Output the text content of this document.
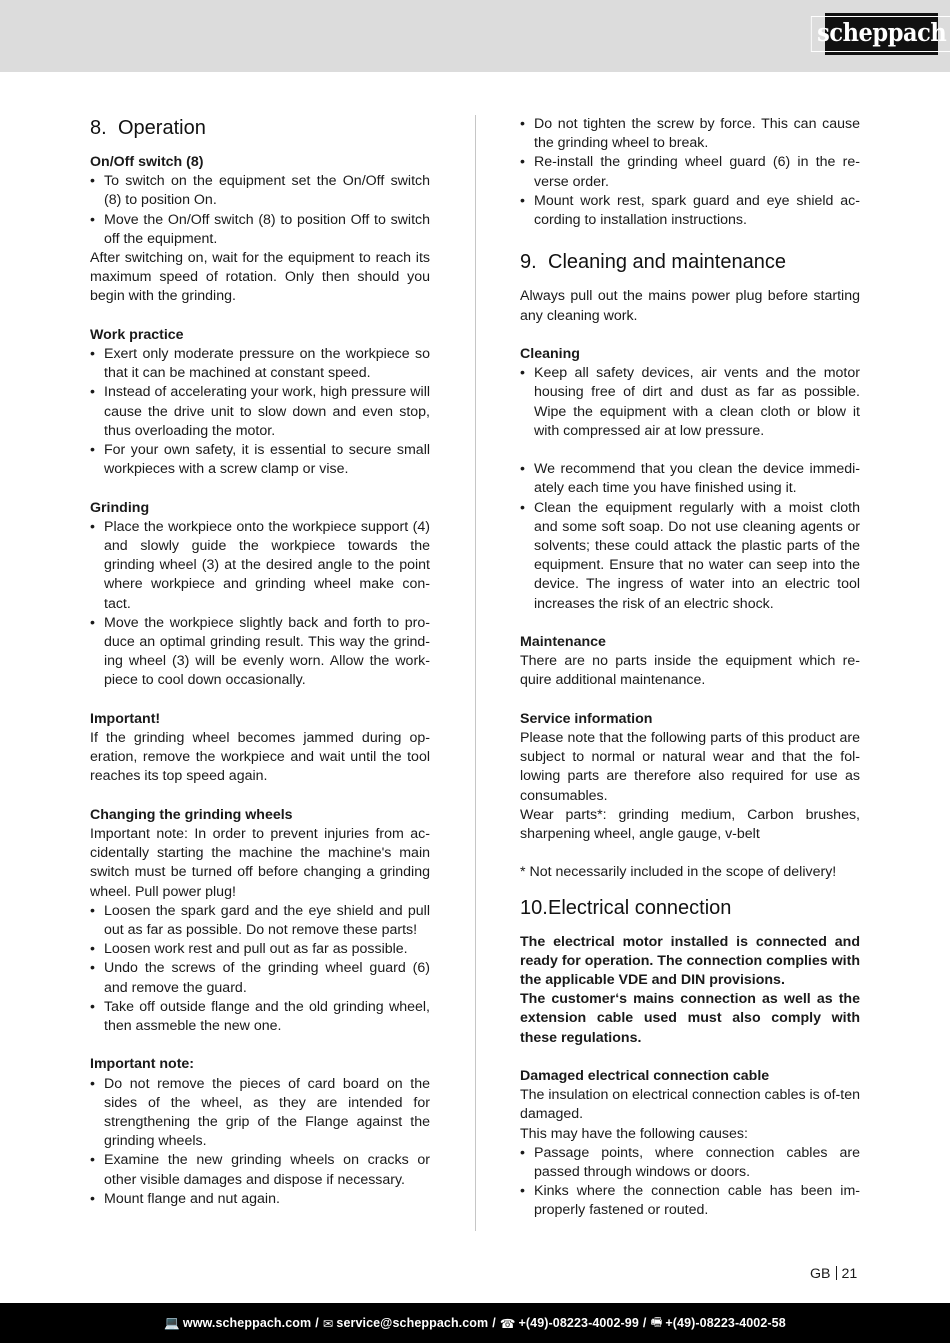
scheppach
8. Operation
On/Off switch (8)
• To switch on the equipment set the On/Off switch (8) to position On.
• Move the On/Off switch (8) to position Off to switch off the equipment.

After switching on, wait for the equipment to reach its maximum speed of rotation. Only then should you begin with the grinding.

Work practice
• Exert only moderate pressure on the workpiece so that it can be machined at constant speed.
• Instead of accelerating your work, high pressure will cause the drive unit to slow down and even stop, thus overloading the motor.
• For your own safety, it is essential to secure small workpieces with a screw clamp or vise.
Grinding
• Place the workpiece onto the workpiece support (4) and slowly guide the workpiece towards the grinding wheel (3) at the desired angle to the point where workpiece and grinding wheel make con-tact.
• Move the workpiece slightly back and forth to pro-duce an optimal grinding result. This way the grind-ing wheel (3) will be evenly worn. Allow the work-piece to cool down occasionally.
Important!

If the grinding wheel becomes jammed during op-eration, remove the workpiece and wait until the tool reaches its top speed again.

Changing the grinding wheels

Important note: In order to prevent injuries from ac-cidentally starting the machine the machine's main switch must be turned off before changing a grinding wheel. Pull power plug!

• Loosen the spark gard and the eye shield and pull out as far as possible. Do not remove these parts!
• Loosen work rest and pull out as far as possible.
• Undo the screws of the grinding wheel guard (6) and remove the guard.
• Take off outside flange and the old grinding wheel, then assmeble the new one.
Important note:
• Do not remove the pieces of card board on the sides of the wheel, as they are intended for strengthening the grip of the Flange against the grinding wheels.
• Examine the new grinding wheels on cracks or other visible damages and dispose if necessary.
• Mount flange and nut again.
• Do not tighten the screw by force. This can cause the grinding wheel to break.
• Re-install the grinding wheel guard (6) in the re-verse order.
• Mount work rest, spark guard and eye shield ac-cording to installation instructions.
9. Cleaning and maintenance

Always pull out the mains power plug before starting any cleaning work.

Cleaning
• Keep all safety devices, air vents and the motor housing free of dirt and dust as far as possible. Wipe the equipment with a clean cloth or blow it with compressed air at low pressure.
• We recommend that you clean the device immedi-ately each time you have finished using it.
• Clean the equipment regularly with a moist cloth and some soft soap. Do not use cleaning agents or solvents; these could attack the plastic parts of the equipment. Ensure that no water can seep into the device. The ingress of water into an electric tool increases the risk of an electric shock.
Maintenance

There are no parts inside the equipment which re-quire additional maintenance.

Service information

Please note that the following parts of this product are subject to normal or natural wear and that the fol-lowing parts are therefore also required for use as consumables.

Wear parts*: grinding medium, Carbon brushes, sharpening wheel, angle gauge, v-belt

* Not necessarily included in the scope of delivery!

10. Electrical connection

The electrical motor installed is connected and ready for operation. The connection complies with the applicable VDE and DIN provisions.

The customer‘s mains connection as well as the extension cable used must also comply with these regulations.

Damaged electrical connection cable

The insulation on electrical connection cables is of-ten damaged.

This may have the following causes:

• Passage points, where connection cables are passed through windows or doors.
• Kinks where the connection cable has been im-properly fastened or routed.
GB 21
💻 www.scheppach.com / ✉ service@scheppach.com / ☎ +(49)-08223-4002-99 / 🖷 +(49)-08223-4002-58
